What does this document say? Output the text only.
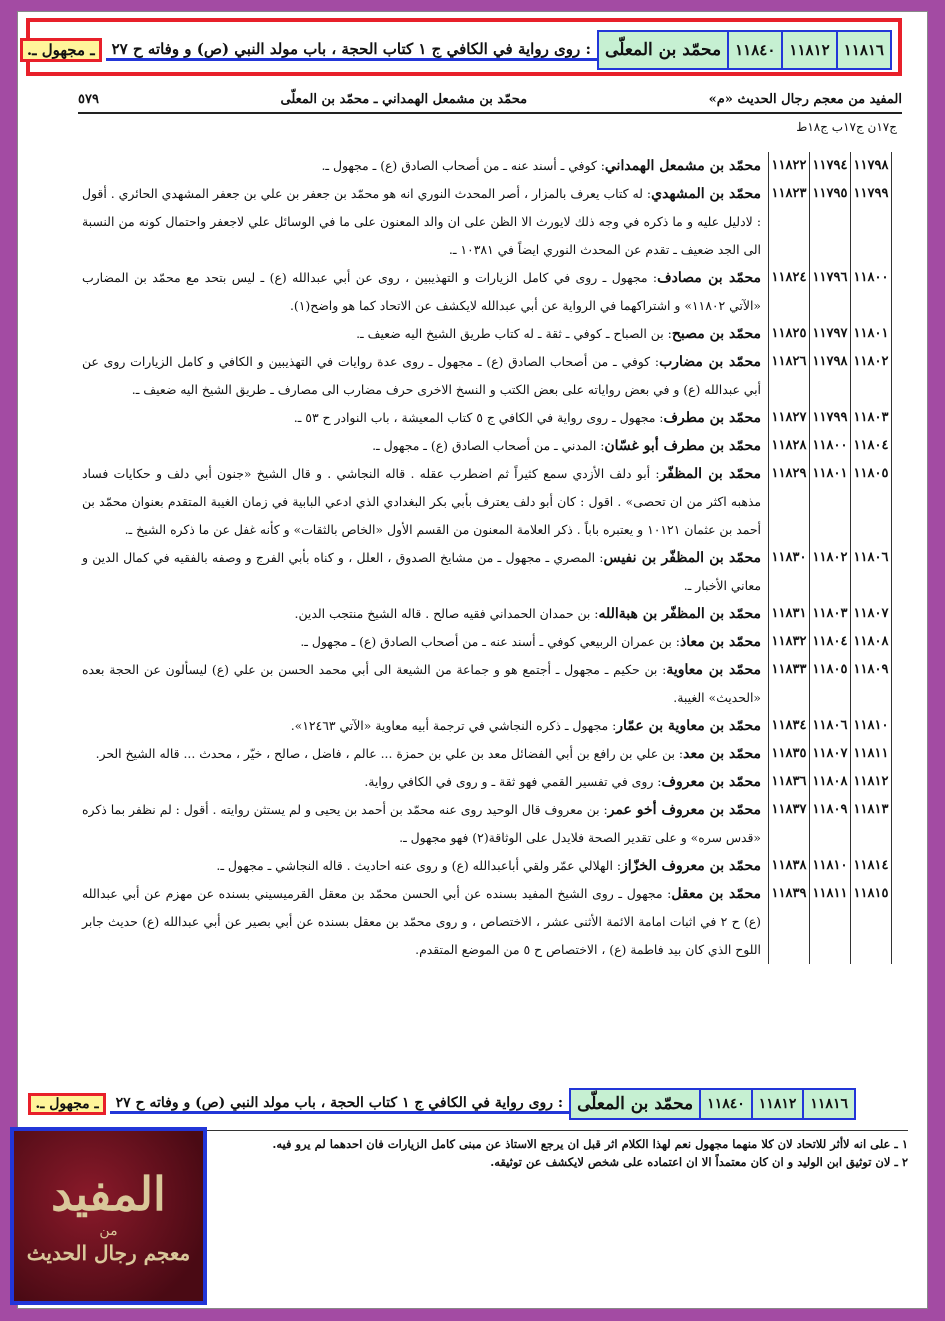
١١٨١٦
١١٨١٢
١١٨٤٠
محمّد بن المعلّى
: روى رواية في الكافي ج ١ كتاب الحجة ، باب مولد النبي (ص) و وفاته ح ٢٧
ـ مجهول ـ.
المفيد من معجم رجال الحديث «م»
محمّد بن مشمعل الهمداني ـ محمّد بن المعلّى
٥٧٩
ج١٧ن ج١٧ب ج١٨ط
١١٧٩٨
١١٧٩٤
١١٨٢٢
محمّد بن مشمعل الهمداني: كوفي ـ أسند عنه ـ من أصحاب الصادق (ع) ـ مجهول ـ.
١١٧٩٩
١١٧٩٥
١١٨٢٣
محمّد بن المشهدي: له كتاب يعرف بالمزار ، أصر المحدث النوري انه هو محمّد بن جعفر بن علي بن جعفر المشهدي الحائري . أقول : لادليل عليه و ما ذكره في وجه ذلك لايورث الا الظن على ان والد المعنون على ما في الوسائل علي لاجعفر واحتمال كونه من النسبة الى الجد ضعيف ـ تقدم عن المحدث النوري ايضاً في ١٠٣٨١ ـ.
١١٨٠٠
١١٧٩٦
١١٨٢٤
محمّد بن مصادف: مجهول ـ روى في كامل الزيارات و التهذيبين ، روى عن أبي عبدالله (ع) ـ ليس بتحد مع محمّد بن المضارب «الآتي ١١٨٠٢» و اشتراكهما في الرواية عن أبي عبدالله لايكشف عن الاتحاد كما هو واضح(١).
١١٨٠١
١١٧٩٧
١١٨٢٥
محمّد بن مصبح: بن الصباح ـ كوفي ـ ثقة ـ له كتاب طريق الشيخ اليه ضعيف ـ.
١١٨٠٢
١١٧٩٨
١١٨٢٦
محمّد بن مضارب: كوفي ـ من أصحاب الصادق (ع) ـ مجهول ـ روى عدة روايات في التهذيبين و الكافي و كامل الزيارات روى عن أبي عبدالله (ع) و في بعض رواياته على بعض الكتب و النسخ الاخرى حرف مضارب الى مصارف ـ طريق الشيخ اليه ضعيف ـ.
١١٨٠٣
١١٧٩٩
١١٨٢٧
محمّد بن مطرف: مجهول ـ روى رواية في الكافي ج ٥ كتاب المعيشة ، باب النوادر ح ٥٣ ـ.
١١٨٠٤
١١٨٠٠
١١٨٢٨
محمّد بن مطرف أبو غسّان: المدني ـ من أصحاب الصادق (ع) ـ مجهول ـ.
١١٨٠٥
١١٨٠١
١١٨٢٩
محمّد بن المظفّر: أبو دلف الأزدي سمع كثيراً ثم اضطرب عقله . قاله النجاشي . و قال الشيخ «جنون أبي دلف و حكايات فساد مذهبه اكثر من ان تحصى» . اقول : كان أبو دلف يعترف بأبي بكر البغدادي الذي ادعي البابية في زمان الغيبة المتقدم بعنوان محمّد بن أحمد بن عثمان ١٠١٢١ و يعتبره باباً . ذكر العلامة المعنون من القسم الأول «الخاص بالثقات» و كأنه غفل عن ما ذكره الشيخ ـ.
١١٨٠٦
١١٨٠٢
١١٨٣٠
محمّد بن المظفّر بن نفيس: المصري ـ مجهول ـ من مشايخ الصدوق ، العلل ، و كناه بأبي الفرج و وصفه بالفقيه في كمال الدين و معاني الأخبار ـ.
١١٨٠٧
١١٨٠٣
١١٨٣١
محمّد بن المظفّر بن هبةالله: بن حمدان الحمداني فقيه صالح . قاله الشيخ منتجب الدين.
١١٨٠٨
١١٨٠٤
١١٨٣٢
محمّد بن معاذ: بن عمران الربيعي كوفي ـ أسند عنه ـ من أصحاب الصادق (ع) ـ مجهول ـ.
١١٨٠٩
١١٨٠٥
١١٨٣٣
محمّد بن معاوية: بن حكيم ـ مجهول ـ أجتمع هو و جماعة من الشيعة الى أبي محمد الحسن بن علي (ع) ليسألون عن الحجة بعده «الحديث» الغيبة.
١١٨١٠
١١٨٠٦
١١٨٣٤
محمّد بن معاوية بن عمّار: مجهول ـ ذكره النجاشي في ترجمة أبيه معاوية «الآتي ١٢٤٦٣».
١١٨١١
١١٨٠٧
١١٨٣٥
محمّد بن معد: بن علي بن رافع بن أبي الفضائل معد بن علي بن حمزة ... عالم ، فاضل ، صالح ، خيّر ، محدث ... قاله الشيخ الحر.
١١٨١٢
١١٨٠٨
١١٨٣٦
محمّد بن معروف: روى في تفسير القمي فهو ثقة ـ و روى في الكافي رواية.
١١٨١٣
١١٨٠٩
١١٨٣٧
محمّد بن معروف أخو عمر: بن معروف قال الوحيد روى عنه محمّد بن أحمد بن يحيى و لم يستثن روايته . أقول : لم نظفر بما ذكره «قدس سره» و على تقدير الصحة فلايدل على الوثاقة(٢) فهو مجهول ـ.
١١٨١٤
١١٨١٠
١١٨٣٨
محمّد بن معروف الخزّاز: الهلالي عمّر ولقي أباعبدالله (ع) و روى عنه احاديث . قاله النجاشي ـ مجهول ـ.
١١٨١٥
١١٨١١
١١٨٣٩
محمّد بن معقل: مجهول ـ روى الشيخ المفيد بسنده عن أبي الحسن محمّد بن معقل القرميسيني بسنده عن مهزم عن أبي عبدالله (ع) ح ٢ في اثبات امامة الائمة الأثنى عشر ، الاختصاص ، و روى محمّد بن معقل بسنده عن أبي بصير عن أبي عبدالله (ع) حديث جابر اللوح الذي كان بيد فاطمة (ع) ، الاختصاص ح ٥ من الموضع المتقدم.
١١٨١٦
١١٨١٢
١١٨٤٠
محمّد بن المعلّى
: روى رواية في الكافي ج ١ كتاب الحجة ، باب مولد النبي (ص) و وفاته ح ٢٧
ـ مجهول ـ.
١ ـ على انه لاأثر للاتحاد لان كلا منهما مجهول نعم لهذا الكلام اثر قبل ان يرجع الاستاذ عن مبنى كامل الزيارات فان احدهما لم يرو فيه.
٢ ـ لان توثيق ابن الوليد و ان كان معتمداً الا ان اعتماده على شخص لايكشف عن توثيقه.
المفيد
من
معجم رجال الحديث
